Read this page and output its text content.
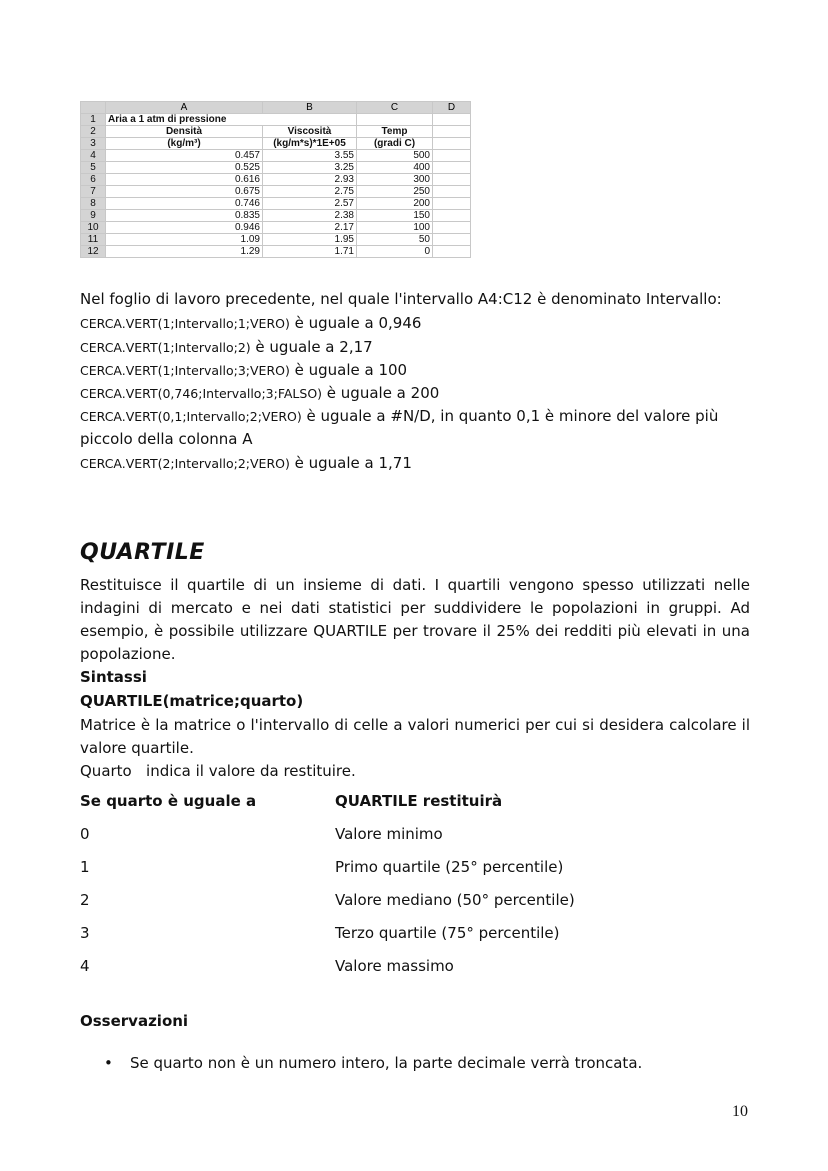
	A	B	C	D
1	Aria a 1 atm di pressione			
2	Densità	Viscosità	Temp	
3	(kg/m³)	(kg/m*s)*1E+05	(gradi C)	
4	0.457	3.55	500	
5	0.525	3.25	400	
6	0.616	2.93	300	
7	0.675	2.75	250	
8	0.746	2.57	200	
9	0.835	2.38	150	
10	0.946	2.17	100	
11	1.09	1.95	50	
12	1.29	1.71	0	
Nel foglio di lavoro precedente, nel quale l'intervallo A4:C12 è denominato Intervallo:
CERCA.VERT(1;Intervallo;1;VERO) è uguale a 0,946
CERCA.VERT(1;Intervallo;2) è uguale a 2,17
CERCA.VERT(1;Intervallo;3;VERO) è uguale a 100
CERCA.VERT(0,746;Intervallo;3;FALSO) è uguale a 200
CERCA.VERT(0,1;Intervallo;2;VERO) è uguale a #N/D, in quanto 0,1 è minore del valore più
piccolo della colonna A
CERCA.VERT(2;Intervallo;2;VERO) è uguale a 1,71
QUARTILE
Restituisce il quartile di un insieme di dati. I quartili vengono spesso utilizzati nelle indagini di mercato e nei dati statistici per suddividere le popolazioni in gruppi. Ad esempio, è possibile utilizzare QUARTILE per trovare il 25% dei redditi più elevati in una popolazione.
Sintassi
QUARTILE(matrice;quarto)
Matrice è la matrice o l'intervallo di celle a valori numerici per cui si desidera calcolare il valore quartile.
Quarto   indica il valore da restituire.
Se quarto è uguale a	QUARTILE restituirà
0	Valore minimo
1	Primo quartile (25° percentile)
2	Valore mediano (50° percentile)
3	Terzo quartile (75° percentile)
4	Valore massimo
Osservazioni
• Se quarto non è un numero intero, la parte decimale verrà troncata.
10
